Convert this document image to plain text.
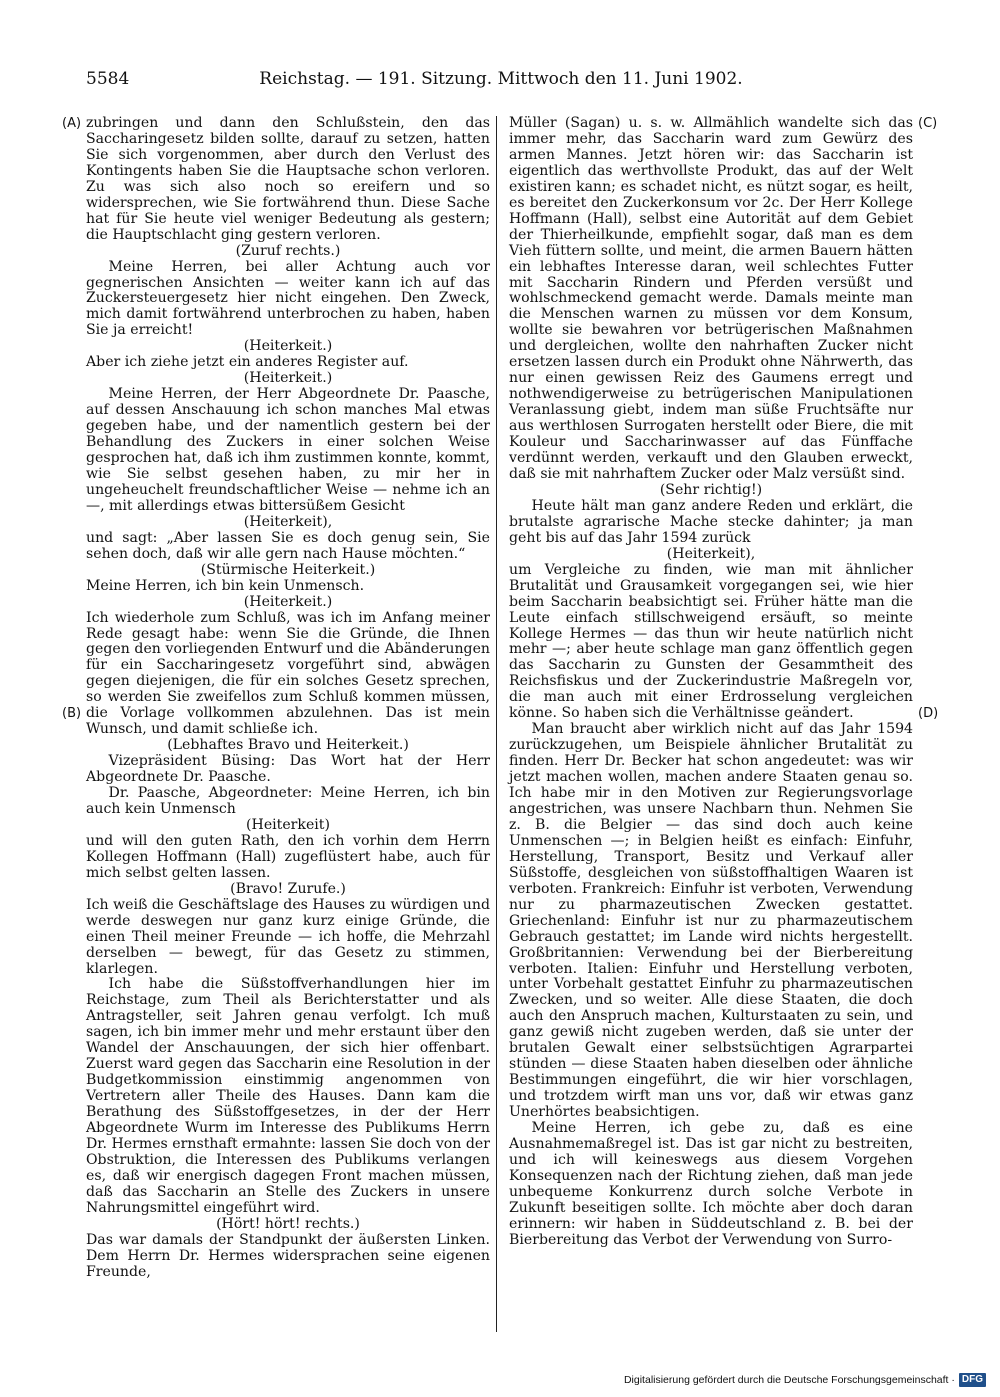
5584	Reichstag. — 191. Sitzung. Mittwoch den 11. Juni 1902.
(A)
(B)
(C)
(D)

zubringen und dann den Schlußstein, den das Saccharingesetz bilden sollte, darauf zu setzen, hatten Sie sich vorgenommen, aber durch den Verlust des Kontingents haben Sie die Hauptsache schon verloren. Zu was sich also noch so ereifern und so widersprechen, wie Sie fortwährend thun. Diese Sache hat für Sie heute viel weniger Bedeutung als gestern; die Hauptschlacht ging gestern verloren.

(Zuruf rechts.)

Meine Herren, bei aller Achtung auch vor gegnerischen Ansichten — weiter kann ich auf das Zuckersteuergesetz hier nicht eingehen. Den Zweck, mich damit fortwährend unterbrochen zu haben, haben Sie ja erreicht!

(Heiterkeit.)

Aber ich ziehe jetzt ein anderes Register auf.

(Heiterkeit.)

Meine Herren, der Herr Abgeordnete Dr. Paasche, auf dessen Anschauung ich schon manches Mal etwas gegeben habe, und der namentlich gestern bei der Behandlung des Zuckers in einer solchen Weise gesprochen hat, daß ich ihm zustimmen konnte, kommt, wie Sie selbst gesehen haben, zu mir her in ungeheuchelt freundschaftlicher Weise — nehme ich an —, mit allerdings etwas bittersüßem Gesicht

(Heiterkeit),

und sagt: „Aber lassen Sie es doch genug sein, Sie sehen doch, daß wir alle gern nach Hause möchten.“

(Stürmische Heiterkeit.)

Meine Herren, ich bin kein Unmensch.

(Heiterkeit.)

Ich wiederhole zum Schluß, was ich im Anfang meiner Rede gesagt habe: wenn Sie die Gründe, die Ihnen gegen den vorliegenden Entwurf und die Abänderungen für ein Saccharingesetz vorgeführt sind, abwägen gegen diejenigen, die für ein solches Gesetz sprechen, so werden Sie zweifellos zum Schluß kommen müssen, die Vorlage vollkommen abzulehnen. Das ist mein Wunsch, und damit schließe ich.

(Lebhaftes Bravo und Heiterkeit.)

Vizepräsident Büsing: Das Wort hat der Herr Abgeordnete Dr. Paasche.

Dr. Paasche, Abgeordneter: Meine Herren, ich bin auch kein Unmensch

(Heiterkeit)

und will den guten Rath, den ich vorhin dem Herrn Kollegen Hoffmann (Hall) zugeflüstert habe, auch für mich selbst gelten lassen.

(Bravo! Zurufe.)

Ich weiß die Geschäftslage des Hauses zu würdigen und werde deswegen nur ganz kurz einige Gründe, die einen Theil meiner Freunde — ich hoffe, die Mehrzahl derselben — bewegt, für das Gesetz zu stimmen, klarlegen.

Ich habe die Süßstoffverhandlungen hier im Reichstage, zum Theil als Berichterstatter und als Antragsteller, seit Jahren genau verfolgt. Ich muß sagen, ich bin immer mehr und mehr erstaunt über den Wandel der Anschauungen, der sich hier offenbart. Zuerst ward gegen das Saccharin eine Resolution in der Budgetkommission einstimmig angenommen von Vertretern aller Theile des Hauses. Dann kam die Berathung des Süßstoffgesetzes, in der der Herr Abgeordnete Wurm im Interesse des Publikums Herrn Dr. Hermes ernsthaft ermahnte: lassen Sie doch von der Obstruktion, die Interessen des Publikums verlangen es, daß wir energisch dagegen Front machen müssen, daß das Saccharin an Stelle des Zuckers in unsere Nahrungsmittel eingeführt wird.

(Hört! hört! rechts.)

Das war damals der Standpunkt der äußersten Linken. Dem Herrn Dr. Hermes widersprachen seine eigenen Freunde,

Müller (Sagan) u. s. w. Allmählich wandelte sich das immer mehr, das Saccharin ward zum Gewürz des armen Mannes. Jetzt hören wir: das Saccharin ist eigentlich das werthvollste Produkt, das auf der Welt existiren kann; es schadet nicht, es nützt sogar, es heilt, es bereitet den Zuckerkonsum vor 2c. Der Herr Kollege Hoffmann (Hall), selbst eine Autorität auf dem Gebiet der Thierheilkunde, empfiehlt sogar, daß man es dem Vieh füttern sollte, und meint, die armen Bauern hätten ein lebhaftes Interesse daran, weil schlechtes Futter mit Saccharin Rindern und Pferden versüßt und wohlschmeckend gemacht werde. Damals meinte man die Menschen warnen zu müssen vor dem Konsum, wollte sie bewahren vor betrügerischen Maßnahmen und dergleichen, wollte den nahrhaften Zucker nicht ersetzen lassen durch ein Produkt ohne Nährwerth, das nur einen gewissen Reiz des Gaumens erregt und nothwendigerweise zu betrügerischen Manipulationen Veranlassung giebt, indem man süße Fruchtsäfte nur aus werthlosen Surrogaten herstellt oder Biere, die mit Kouleur und Saccharinwasser auf das Fünffache verdünnt werden, verkauft und den Glauben erweckt, daß sie mit nahrhaftem Zucker oder Malz versüßt sind.

(Sehr richtig!)

Heute hält man ganz andere Reden und erklärt, die brutalste agrarische Mache stecke dahinter; ja man geht bis auf das Jahr 1594 zurück

(Heiterkeit),

um Vergleiche zu finden, wie man mit ähnlicher Brutalität und Grausamkeit vorgegangen sei, wie hier beim Saccharin beabsichtigt sei. Früher hätte man die Leute einfach stillschweigend ersäuft, so meinte Kollege Hermes — das thun wir heute natürlich nicht mehr —; aber heute schlage man ganz öffentlich gegen das Saccharin zu Gunsten der Gesammtheit des Reichsfiskus und der Zuckerindustrie Maßregeln vor, die man auch mit einer Erdrosselung vergleichen könne. So haben sich die Verhältnisse geändert.

Man braucht aber wirklich nicht auf das Jahr 1594 zurückzugehen, um Beispiele ähnlicher Brutalität zu finden. Herr Dr. Becker hat schon angedeutet: was wir jetzt machen wollen, machen andere Staaten genau so. Ich habe mir in den Motiven zur Regierungsvorlage angestrichen, was unsere Nachbarn thun. Nehmen Sie z. B. die Belgier — das sind doch auch keine Unmenschen —; in Belgien heißt es einfach: Einfuhr, Herstellung, Transport, Besitz und Verkauf aller Süßstoffe, desgleichen von süßstoffhaltigen Waaren ist verboten. Frankreich: Einfuhr ist verboten, Verwendung nur zu pharmazeutischen Zwecken gestattet. Griechenland: Einfuhr ist nur zu pharmazeutischem Gebrauch gestattet; im Lande wird nichts hergestellt. Großbritannien: Verwendung bei der Bierbereitung verboten. Italien: Einfuhr und Herstellung verboten, unter Vorbehalt gestattet Einfuhr zu pharmazeutischen Zwecken, und so weiter. Alle diese Staaten, die doch auch den Anspruch machen, Kulturstaaten zu sein, und ganz gewiß nicht zugeben werden, daß sie unter der brutalen Gewalt einer selbstsüchtigen Agrarpartei stünden — diese Staaten haben dieselben oder ähnliche Bestimmungen eingeführt, die wir hier vorschlagen, und trotzdem wirft man uns vor, daß wir etwas ganz Unerhörtes beabsichtigen.

Meine Herren, ich gebe zu, daß es eine Ausnahmemaßregel ist. Das ist gar nicht zu bestreiten, und ich will keineswegs aus diesem Vorgehen Konsequenzen nach der Richtung ziehen, daß man jede unbequeme Konkurrenz durch solche Verbote in Zukunft beseitigen sollte. Ich möchte aber doch daran erinnern: wir haben in Süddeutschland z. B. bei der Bierbereitung das Verbot der Verwendung von Surro-

Digitalisierung gefördert durch die Deutsche Forschungsgemeinschaft · DFG
